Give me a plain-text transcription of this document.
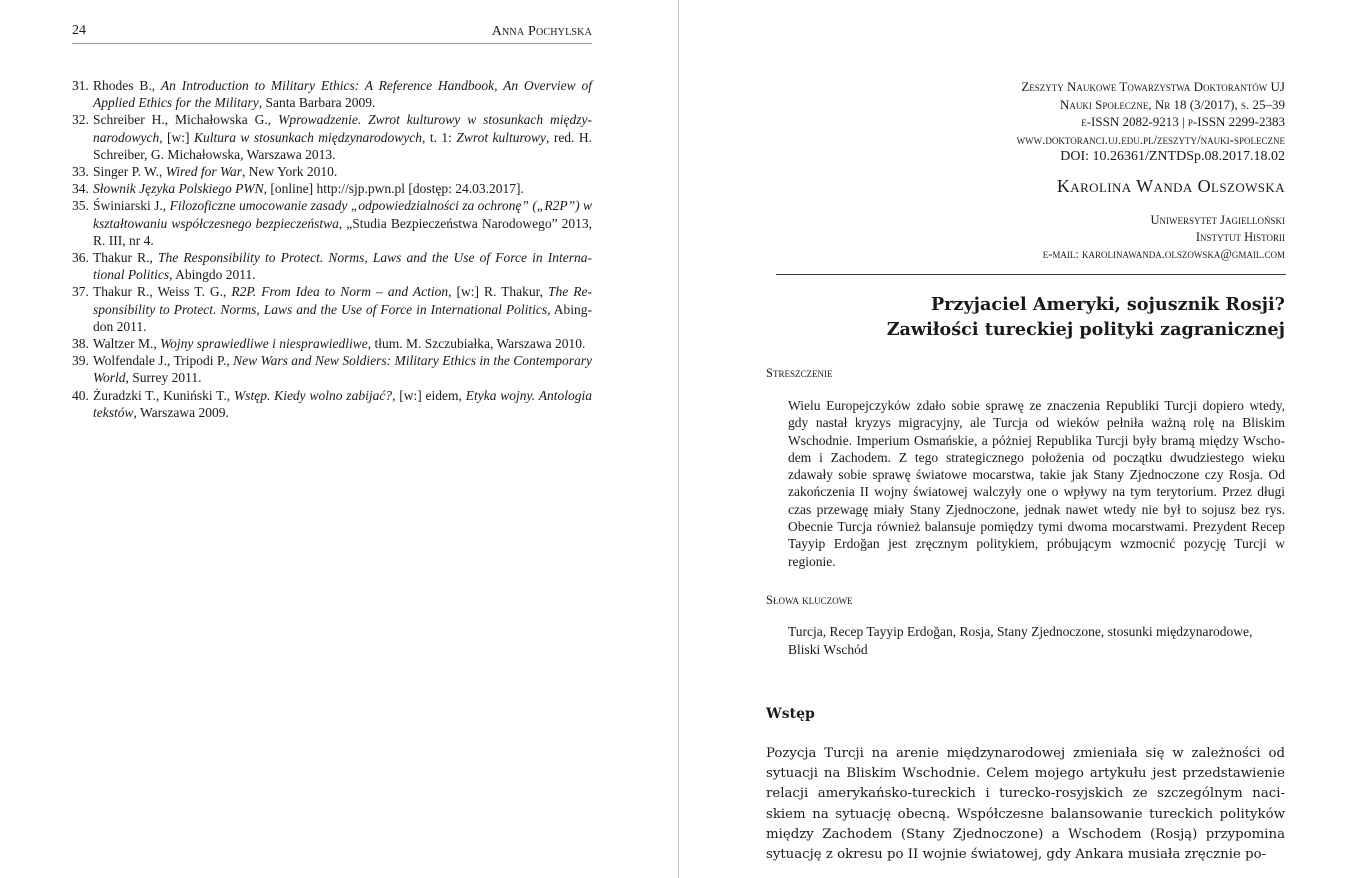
24	Anna Pochylska
31. Rhodes B., An Introduction to Military Ethics: A Reference Handbook, An Overview of Applied Ethics for the Military, Santa Barbara 2009.
32. Schreiber H., Michałowska G., Wprowadzenie. Zwrot kulturowy w stosunkach międzynarodowych, [w:] Kultura w stosunkach międzynarodowych, t. 1: Zwrot kulturowy, red. H. Schreiber, G. Michałowska, Warszawa 2013.
33. Singer P. W., Wired for War, New York 2010.
34. Słownik Języka Polskiego PWN, [online] http://sjp.pwn.pl [dostęp: 24.03.2017].
35. Świniarski J., Filozoficzne umocowanie zasady „odpowiedzialności za ochronę” („R2P”) w kształtowaniu współczesnego bezpieczeństwa, „Studia Bezpieczeństwa Narodowego” 2013, R. III, nr 4.
36. Thakur R., The Responsibility to Protect. Norms, Laws and the Use of Force in International Politics, Abingdo 2011.
37. Thakur R., Weiss T. G., R2P. From Idea to Norm – and Action, [w:] R. Thakur, The Responsibility to Protect. Norms, Laws and the Use of Force in International Politics, Abingdon 2011.
38. Waltzer M., Wojny sprawiedliwe i niesprawiedliwe, tłum. M. Szczubiałka, Warszawa 2010.
39. Wolfendale J., Tripodi P., New Wars and New Soldiers: Military Ethics in the Contemporary World, Surrey 2011.
40. Żuradzki T., Kuniński T., Wstęp. Kiedy wolno zabijać?, [w:] eidem, Etyka wojny. Antologia tekstów, Warszawa 2009.
Zeszyty Naukowe Towarzystwa Doktorantów UJ
Nauki Społeczne, Nr 18 (3/2017), s. 25–39
e-ISSN 2082-9213 | p-ISSN 2299-2383
www.doktoranci.uj.edu.pl/zeszyty/nauki-spoleczne
DOI: 10.26361/ZNTDSp.08.2017.18.02
Karolina Wanda Olszowska
Uniwersytet Jagielloński
Instytut Historii
e-mail: karolinawanda.olszowska@gmail.com
Przyjaciel Ameryki, sojusznik Rosji?
Zawiłości tureckiej polityki zagranicznej
Streszczenie
Wielu Europejczyków zdało sobie sprawę ze znaczenia Republiki Turcji dopiero wtedy, gdy nastał kryzys migracyjny, ale Turcja od wieków pełniła ważną rolę na Bliskim Wschodnie. Imperium Osmańskie, a póżniej Republika Turcji były bramą między Wschodem i Zachodem. Z tego strategicznego położenia od początku dwudziestego wieku zdawały sobie sprawę światowe mocarstwa, takie jak Stany Zjednoczone czy Rosja. Od zakończenia II wojny światowej walczyły one o wpływy na tym terytorium. Przez długi czas przewagę miały Stany Zjednoczone, jednak nawet wtedy nie był to sojusz bez rys. Obecnie Turcja również balansuje pomiędzy tymi dwoma mocarstwami. Prezydent Recep Tayyip Erdoğan jest zręcznym politykiem, próbującym wzmocnić pozycję Turcji w regionie.
Słowa kluczowe
Turcja, Recep Tayyip Erdoğan, Rosja, Stany Zjednoczone, stosunki międzynarodowe, Bliski Wschód
Wstęp
Pozycja Turcji na arenie międzynarodowej zmieniała się w zależności od sytuacji na Bliskim Wschodnie. Celem mojego artykułu jest przedstawienie relacji amerykańsko-tureckich i turecko-rosyjskich ze szczególnym naciskiem na sytuację obecną. Współczesne balansowanie tureckich polityków między Zachodem (Stany Zjednoczone) a Wschodem (Rosją) przypomina sytuację z okresu po II wojnie światowej, gdy Ankara musiała zręcznie po-
